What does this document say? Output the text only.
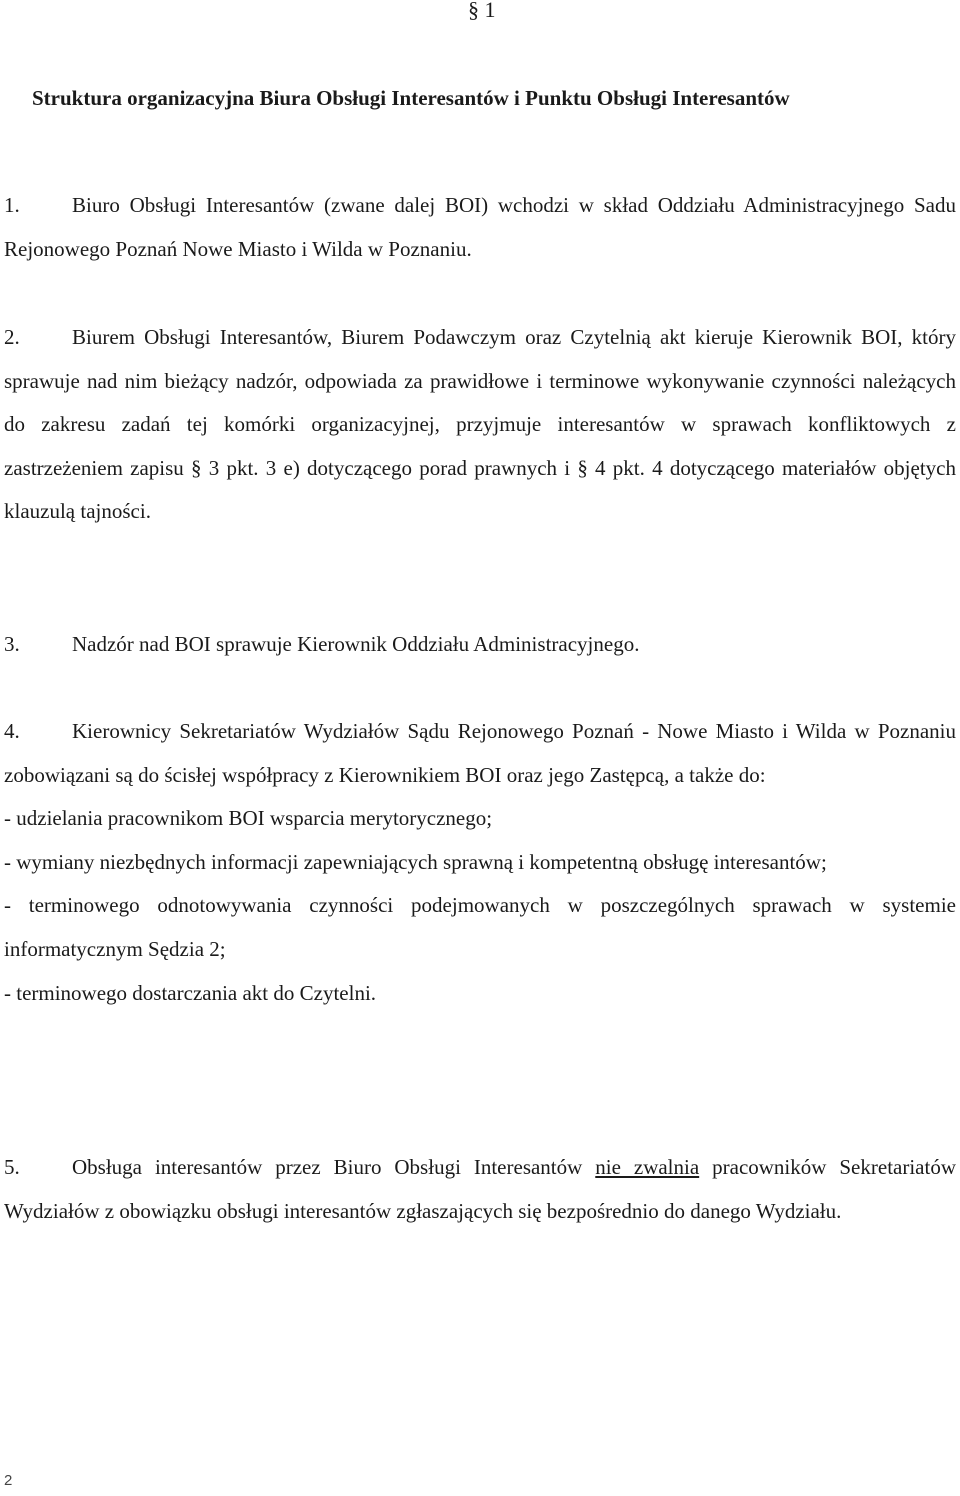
§ 1
Struktura organizacyjna Biura Obsługi Interesantów i Punktu Obsługi Interesantów

1. Biuro Obsługi Interesantów (zwane dalej BOI) wchodzi w skład Oddziału Administracyjnego Sadu Rejonowego Poznań Nowe Miasto i Wilda w Poznaniu.

2. Biurem Obsługi Interesantów, Biurem Podawczym oraz Czytelnią akt kieruje Kierownik BOI, który sprawuje nad nim bieżący nadzór, odpowiada za prawidłowe i terminowe wykonywanie czynności należących do zakresu zadań tej komórki organizacyjnej, przyjmuje interesantów w sprawach konfliktowych z zastrzeżeniem zapisu § 3 pkt. 3 e) dotyczącego porad prawnych i § 4 pkt. 4 dotyczącego materiałów objętych klauzulą tajności.

3. Nadzór nad BOI sprawuje Kierownik Oddziału Administracyjnego.

4. Kierownicy Sekretariatów Wydziałów Sądu Rejonowego Poznań - Nowe Miasto i Wilda w Poznaniu zobowiązani są do ścisłej współpracy z Kierownikiem BOI oraz jego Zastępcą, a także do:
- udzielania pracownikom BOI wsparcia merytorycznego;
- wymiany niezbędnych informacji zapewniających sprawną i kompetentną obsługę interesantów;
- terminowego odnotowywania czynności podejmowanych w poszczególnych sprawach w systemie informatycznym Sędzia 2;
- terminowego dostarczania akt do Czytelni.

5. Obsługa interesantów przez Biuro Obsługi Interesantów nie zwalnia pracowników Sekretariatów Wydziałów z obowiązku obsługi interesantów zgłaszających się bezpośrednio do danego Wydziału.

2
